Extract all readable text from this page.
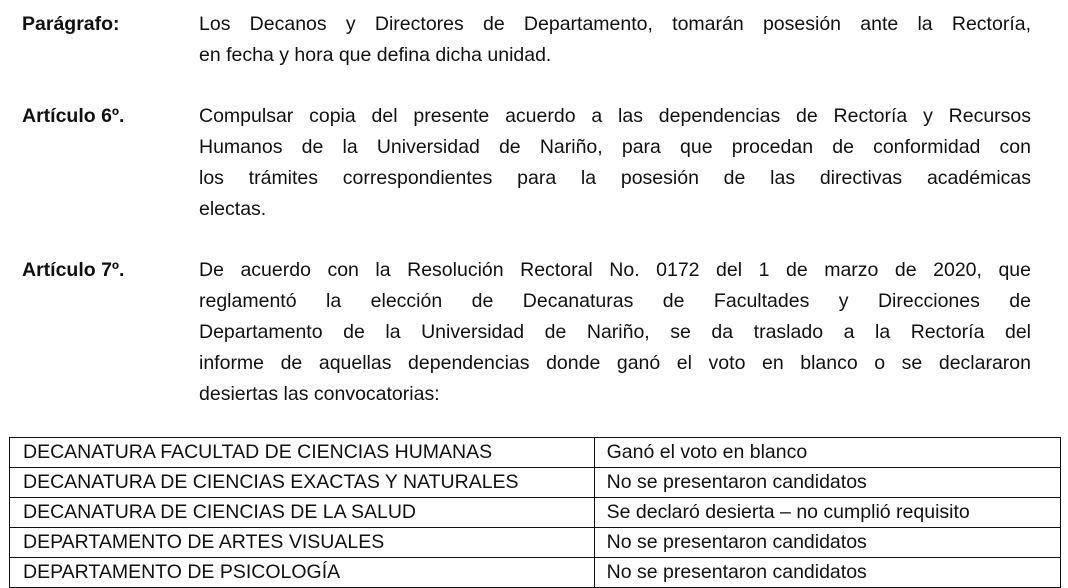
Parágrafo:	Los Decanos y Directores de Departamento, tomarán posesión ante la Rectoría,
en fecha y hora que defina dicha unidad.
Artículo 6º.	Compulsar copia del presente acuerdo a las dependencias de Rectoría y Recursos
Humanos de la Universidad de Nariño, para que procedan de conformidad con
los trámites correspondientes para la posesión de las directivas académicas
electas.
Artículo 7º.	De acuerdo con la Resolución Rectoral No. 0172 del 1 de marzo de 2020, que
reglamentó la elección de Decanaturas de Facultades y Direcciones de
Departamento de la Universidad de Nariño, se da traslado a la Rectoría del
informe de aquellas dependencias donde ganó el voto en blanco o se declararon
desiertas las convocatorias:
DECANATURA FACULTAD DE CIENCIAS HUMANAS	Ganó el voto en blanco
DECANATURA DE CIENCIAS EXACTAS Y NATURALES	No se presentaron candidatos
DECANATURA DE CIENCIAS DE LA SALUD	Se declaró desierta – no cumplió requisito
DEPARTAMENTO DE ARTES VISUALES	No se presentaron candidatos
DEPARTAMENTO DE PSICOLOGÍA	No se presentaron candidatos
